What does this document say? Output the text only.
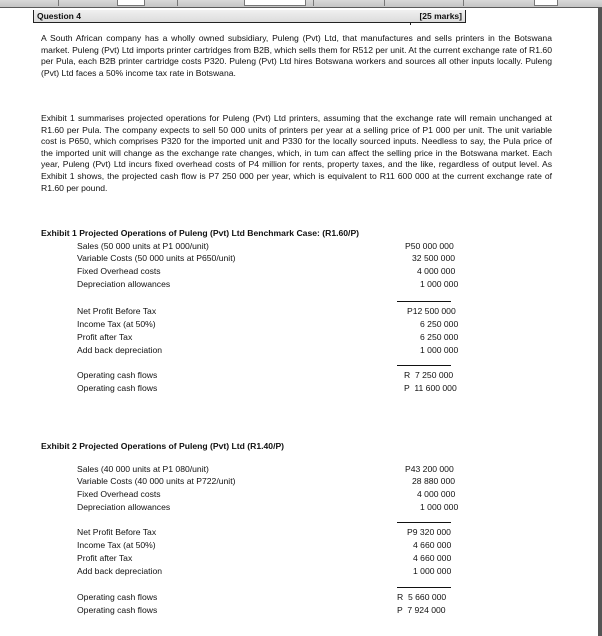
Question 4	[25 marks]
A South African company has a wholly owned subsidiary, Puleng (Pvt) Ltd, that manufactures and sells printers in the Botswana market. Puleng (Pvt) Ltd imports printer cartridges from B2B, which sells them for R512 per unit. At the current exchange rate of R1.60 per Pula, each B2B printer cartridge costs P320. Puleng (Pvt) Ltd hires Botswana workers and sources all other inputs locally. Puleng (Pvt) Ltd faces a 50% income tax rate in Botswana.
Exhibit 1 summarises projected operations for Puleng (Pvt) Ltd printers, assuming that the exchange rate will remain unchanged at R1.60 per Pula. The company expects to sell 50 000 units of printers per year at a selling price of P1 000 per unit. The unit variable cost is P650, which comprises P320 for the imported unit and P330 for the locally sourced inputs. Needless to say, the Pula price of the imported unit will change as the exchange rate changes, which, in tum can affect the selling price in the Botswana market. Each year, Puleng (Pvt) Ltd incurs fixed overhead costs of P4 million for rents, property taxes, and the like, regardless of output level. As Exhibit 1 shows, the projected cash flow is P7 250 000 per year, which is equivalent to R11 600 000 at the current exchange rate of R1.60 per pound.
Exhibit 1 Projected Operations of Puleng (Pvt) Ltd Benchmark Case: (R1.60/P)
Sales (50 000 units at P1 000/unit)	P50 000 000
Variable Costs (50 000 units at P650/unit)	32 500 000
Fixed Overhead costs	4 000 000
Depreciation allowances	1 000 000
Net Profit Before Tax	P12 500 000
Income Tax (at 50%)	6 250 000
Profit after Tax	6 250 000
Add back depreciation	1 000 000
Operating cash flows	R  7 250 000
Operating cash flows	P  11 600 000
Exhibit 2 Projected Operations of Puleng (Pvt) Ltd (R1.40/P)
Sales (40 000 units at P1 080/unit)	P43 200 000
Variable Costs (40 000 units at P722/unit)	28 880 000
Fixed Overhead costs	4 000 000
Depreciation allowances	1 000 000
Net Profit Before Tax	P9 320 000
Income Tax (at 50%)	4 660 000
Profit after Tax	4 660 000
Add back depreciation	1 000 000
Operating cash flows	R  5 660 000
Operating cash flows	P  7 924 000
